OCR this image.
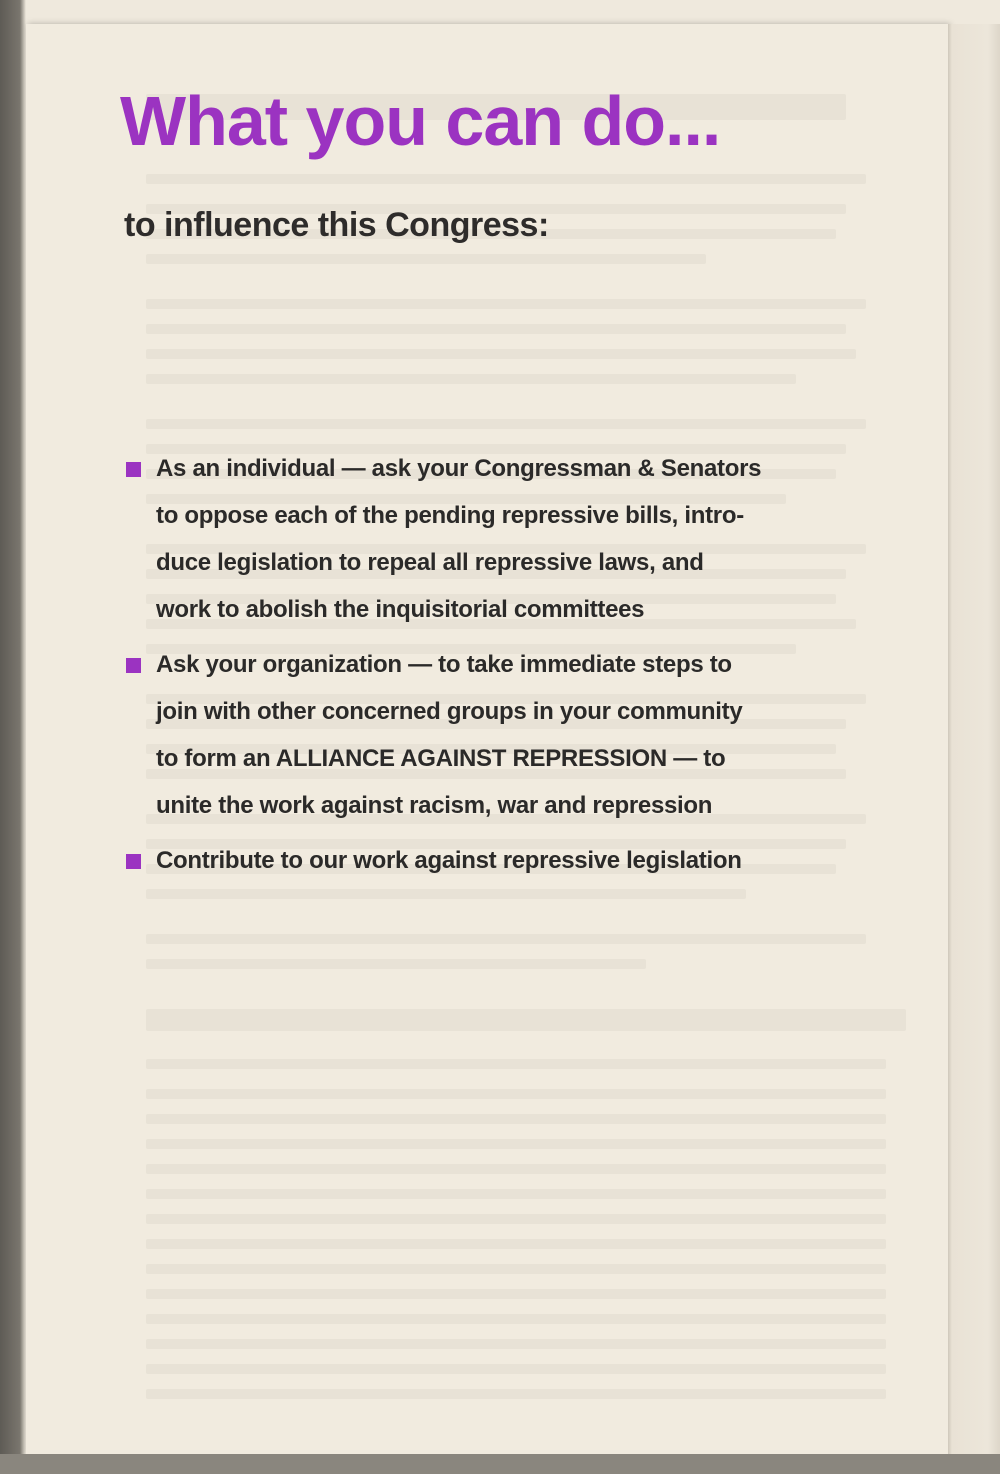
What you can do...
to influence this Congress:
As an individual — ask your Congressman & Senators
to oppose each of the pending repressive bills, intro-
duce legislation to repeal all repressive laws, and
work to abolish the inquisitorial committees
Ask your organization — to take immediate steps to
join with other concerned groups in your community
to form an ALLIANCE AGAINST REPRESSION — to
unite the work against racism, war and repression
Contribute to our work against repressive legislation
